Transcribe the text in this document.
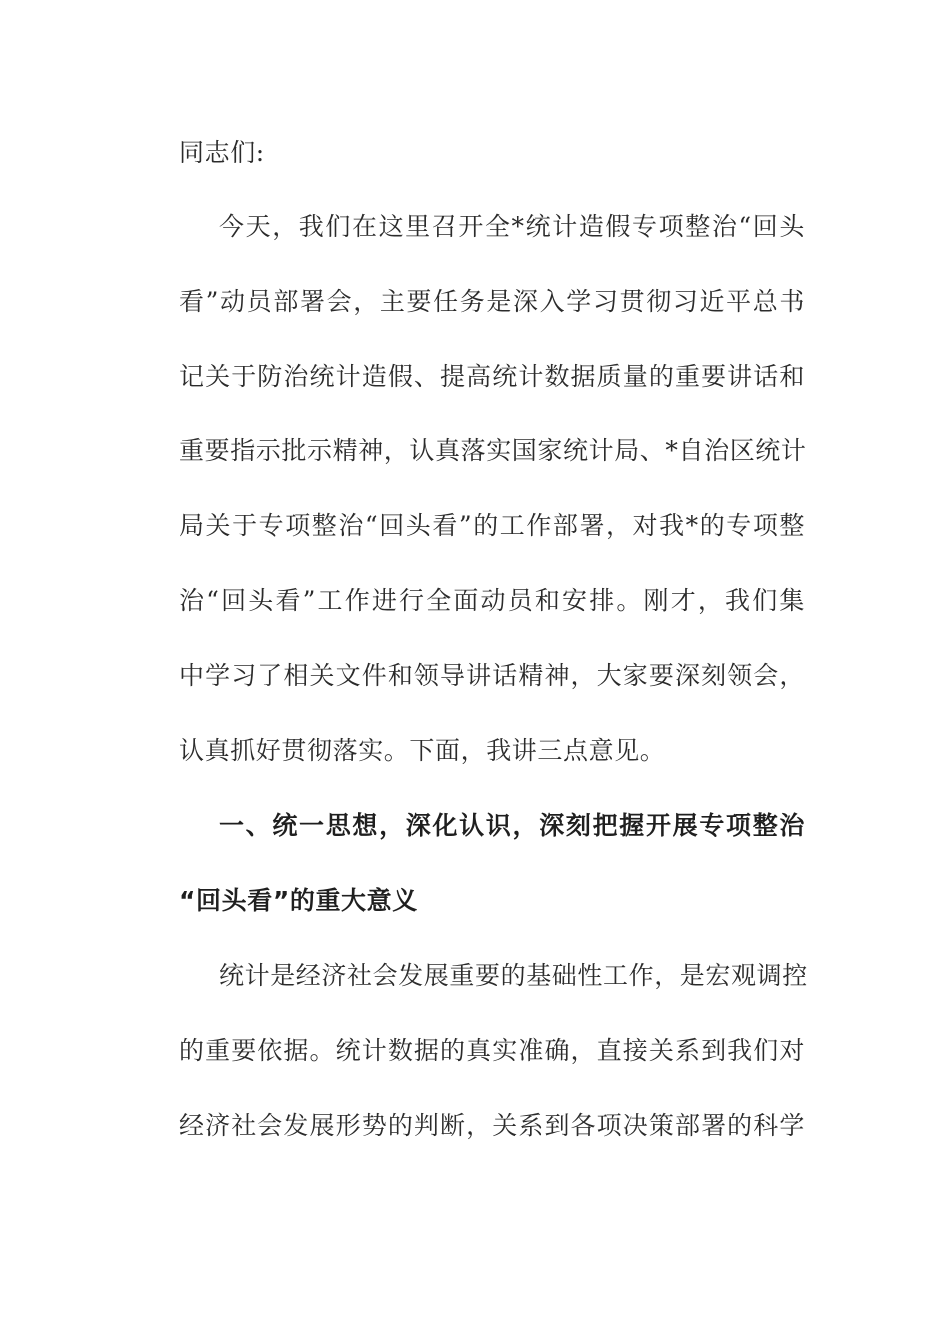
同志们:
今天，我们在这里召开全*统计造假专项整治“回头
看”动员部署会，主要任务是深入学习贯彻习近平总书
记关于防治统计造假、提高统计数据质量的重要讲话和
重要指示批示精神，认真落实国家统计局、*自治区统计
局关于专项整治“回头看”的工作部署，对我*的专项整
治“回头看”工作进行全面动员和安排。刚才，我们集
中学习了相关文件和领导讲话精神，大家要深刻领会，
认真抓好贯彻落实。下面，我讲三点意见。
一、统一思想，深化认识，深刻把握开展专项整治
“回头看”的重大意义
统计是经济社会发展重要的基础性工作，是宏观调控
的重要依据。统计数据的真实准确，直接关系到我们对
经济社会发展形势的判断，关系到各项决策部署的科学
